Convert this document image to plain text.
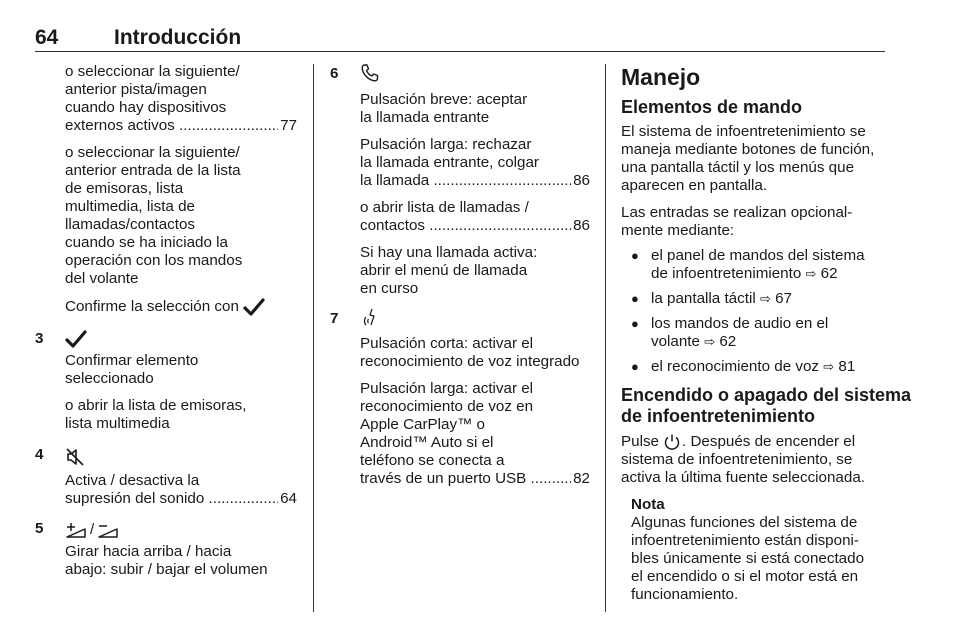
64	Introducción

o seleccionar la siguiente/

anterior pista/imagen

cuando hay dispositivos

externos activos .....	77

o seleccionar la siguiente/

anterior entrada de la lista

de emisoras, lista

multimedia, lista de

llamadas/contactos

cuando se ha iniciado la

operación con los mandos

del volante

Confirme la selección con
3

Confirmar elemento

seleccionado

o abrir la lista de emisoras,

lista multimedia

4

Activa / desactiva la

supresión del sonido .....	64
5	/

Girar hacia arriba / hacia

abajo: subir / bajar el volumen

6

Pulsación breve: aceptar

la llamada entrante

Pulsación larga: rechazar

la llamada entrante, colgar

la llamada .....	86

o abrir lista de llamadas /

contactos .....	86

Si hay una llamada activa:

abrir el menú de llamada

en curso

7

Pulsación corta: activar el

reconocimiento de voz integrado

Pulsación larga: activar el

reconocimiento de voz en

Apple CarPlay™ o

Android™ Auto si el

teléfono se conecta a

través de un puerto USB .....	82
Manejo
Elementos de mando

El sistema de infoentretenimiento se

maneja mediante botones de función,

una pantalla táctil y los menús que

aparecen en pantalla.

Las entradas se realizan opcional-

mente mediante:

● el panel de mandos del sistema

de infoentretenimiento ⇨ 62

● la pantalla táctil ⇨ 67

● los mandos de audio en el

volante ⇨ 62

● el reconocimiento de voz ⇨ 81

Encendido o apagado del sistema
de infoentretenimiento

Pulse . Después de encender el

sistema de infoentretenimiento, se

activa la última fuente seleccionada.

Nota

Algunas funciones del sistema de

infoentretenimiento están disponi-

bles únicamente si está conectado

el encendido o si el motor está en

funcionamiento.
